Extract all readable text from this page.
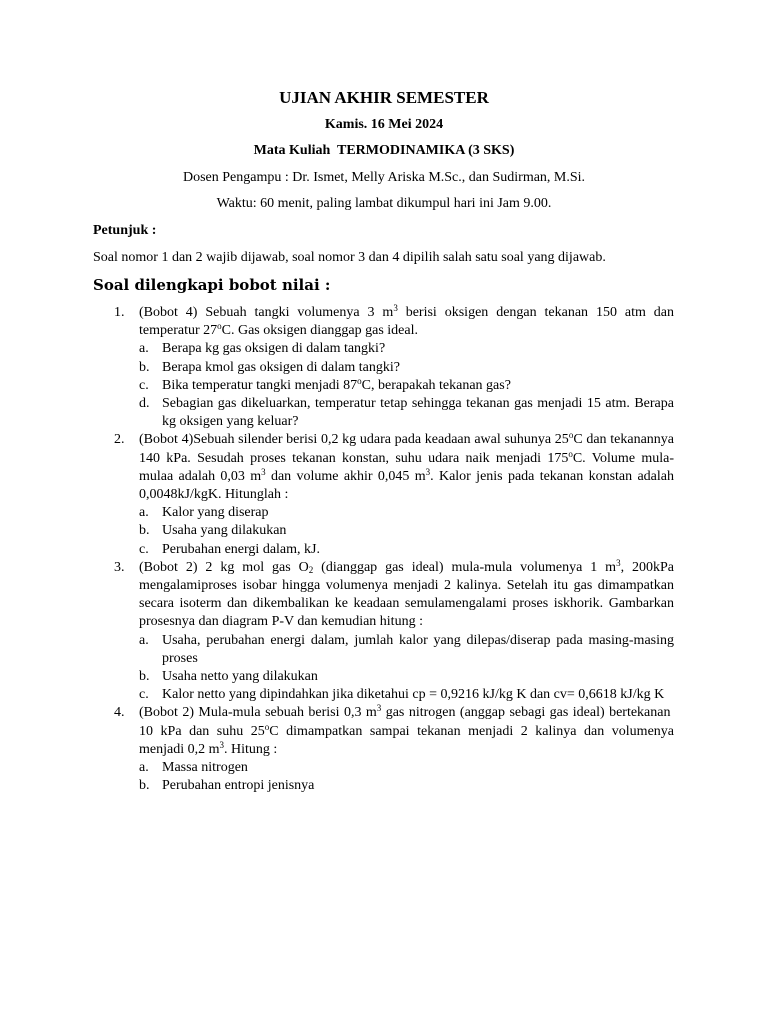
UJIAN AKHIR SEMESTER
Kamis. 16 Mei 2024
Mata Kuliah  TERMODINAMIKA (3 SKS)
Dosen Pengampu : Dr. Ismet, Melly Ariska M.Sc., dan Sudirman, M.Si.
Waktu: 60 menit, paling lambat dikumpul hari ini Jam 9.00.
Petunjuk :
Soal nomor 1 dan 2 wajib dijawab, soal nomor 3 dan 4 dipilih salah satu soal yang dijawab.
Soal dilengkapi bobot nilai :
1. (Bobot 4) Sebuah tangki volumenya 3 $m^3$ berisi oksigen dengan tekanan 150 atm dan temperatur 27$^o$C. Gas oksigen dianggap gas ideal.
a. Berapa kg gas oksigen di dalam tangki?
b. Berapa kmol gas oksigen di dalam tangki?
c. Bika temperatur tangki menjadi 87$^o$C, berapakah tekanan gas?
d. Sebagian gas dikeluarkan, temperatur tetap sehingga tekanan gas menjadi 15 atm. Berapa kg oksigen yang keluar?
2. (Bobot 4)Sebuah silender berisi 0,2 kg udara pada keadaan awal suhunya 25$^o$C dan tekanannya 140 kPa. Sesudah proses tekanan konstan, suhu udara naik menjadi 175$^o$C. Volume mula-mulaa adalah 0,03 $m^3$ dan volume akhir 0,045 $m^3$. Kalor jenis pada tekanan konstan adalah 0,0048kJ/kgK. Hitunglah :
a. Kalor yang diserap
b. Usaha yang dilakukan
c. Perubahan energi dalam, kJ.
3. (Bobot 2) 2 kg mol gas $O_2$ (dianggap gas ideal) mula-mula volumenya 1 $m^3$, 200kPa mengalamiproses isobar hingga volumenya menjadi 2 kalinya. Setelah itu gas dimampatkan secara isoterm dan dikembalikan ke keadaan semulamengalami proses iskhorik. Gambarkan prosesnya dan diagram P-V dan kemudian hitung :
a. Usaha, perubahan energi dalam, jumlah kalor yang dilepas/diserap pada masing-masing proses
b. Usaha netto yang dilakukan
c. Kalor netto yang dipindahkan jika diketahui cp = 0,9216 kJ/kg K dan cv= 0,6618 kJ/kg K
4. (Bobot 2) Mula-mula sebuah berisi 0,3 $m^3$ gas nitrogen (anggap sebagi gas ideal) bertekanan  10 kPa dan suhu 25$^o$C dimampatkan sampai tekanan menjadi 2 kalinya dan volumenya menjadi 0,2 $m^3$. Hitung :
a. Massa nitrogen
b. Perubahan entropi jenisnya
